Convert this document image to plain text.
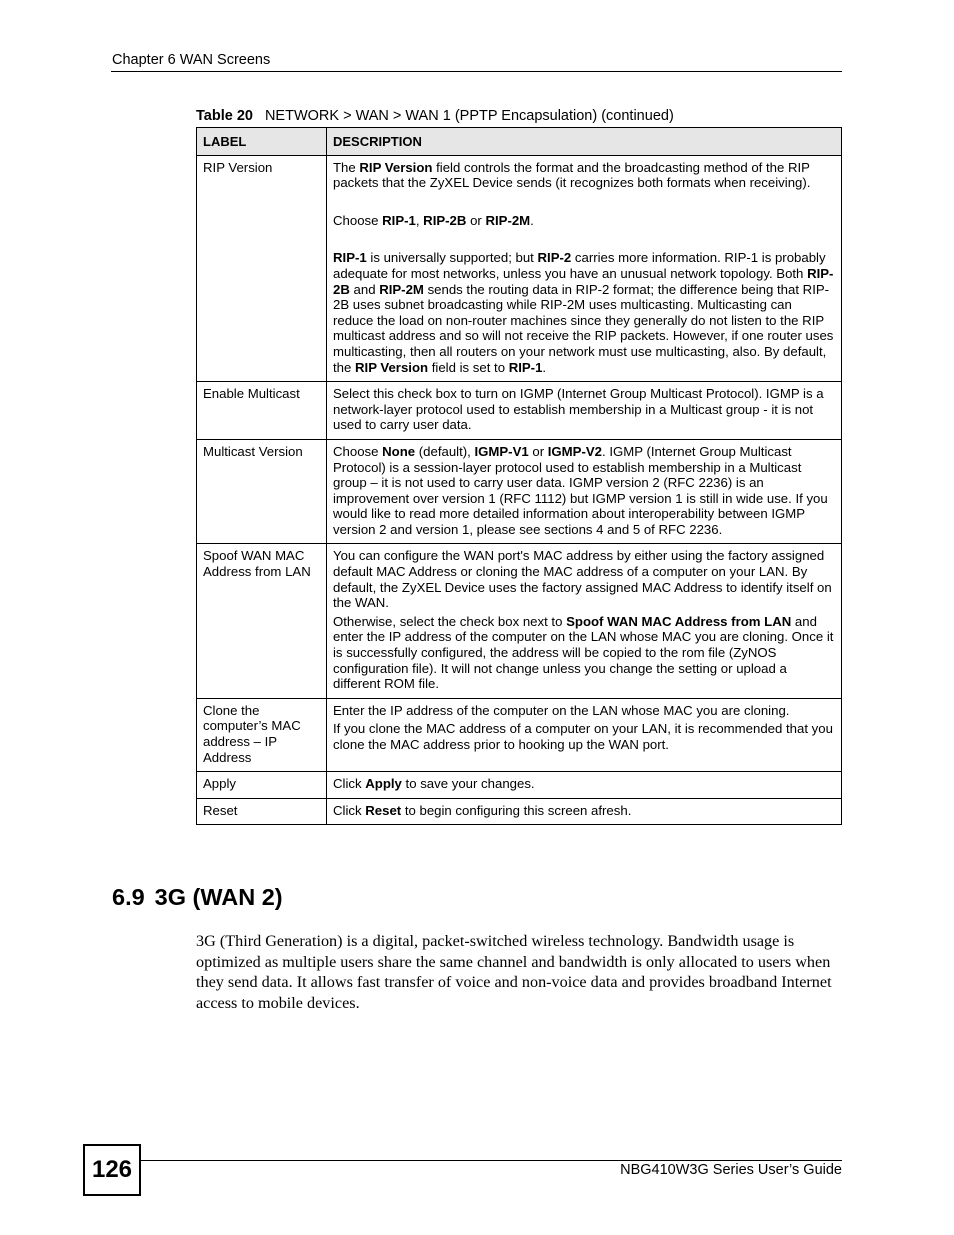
Chapter 6 WAN Screens
Table 20 NETWORK > WAN > WAN 1 (PPTP Encapsulation) (continued)
LABEL	DESCRIPTION
RIP Version	The RIP Version field controls the format and the broadcasting method of the RIP packets that the ZyXEL Device sends (it recognizes both formats when receiving).

Choose RIP-1, RIP-2B or RIP-2M.

RIP-1 is universally supported; but RIP-2 carries more information. RIP-1 is probably adequate for most networks, unless you have an unusual network topology. Both RIP-2B and RIP-2M sends the routing data in RIP-2 format; the difference being that RIP-2B uses subnet broadcasting while RIP-2M uses multicasting. Multicasting can reduce the load on non-router machines since they generally do not listen to the RIP multicast address and so will not receive the RIP packets. However, if one router uses multicasting, then all routers on your network must use multicasting, also. By default, the RIP Version field is set to RIP-1.

Enable Multicast	Select this check box to turn on IGMP (Internet Group Multicast Protocol). IGMP is a network-layer protocol used to establish membership in a Multicast group - it is not used to carry user data.

Multicast Version	Choose None (default), IGMP-V1 or IGMP-V2. IGMP (Internet Group Multicast Protocol) is a session-layer protocol used to establish membership in a Multicast group – it is not used to carry user data. IGMP version 2 (RFC 2236) is an improvement over version 1 (RFC 1112) but IGMP version 1 is still in wide use. If you would like to read more detailed information about interoperability between IGMP version 2 and version 1, please see sections 4 and 5 of RFC 2236.

Spoof WAN MAC Address from LAN	You can configure the WAN port's MAC address by either using the factory assigned default MAC Address or cloning the MAC address of a computer on your LAN. By default, the ZyXEL Device uses the factory assigned MAC Address to identify itself on the WAN.

Otherwise, select the check box next to Spoof WAN MAC Address from LAN and enter the IP address of the computer on the LAN whose MAC you are cloning. Once it is successfully configured, the address will be copied to the rom file (ZyNOS configuration file). It will not change unless you change the setting or upload a different ROM file.

Clone the computer’s MAC address – IP Address	Enter the IP address of the computer on the LAN whose MAC you are cloning.

If you clone the MAC address of a computer on your LAN, it is recommended that you clone the MAC address prior to hooking up the WAN port.

Apply	Click Apply to save your changes.

Reset	Click Reset to begin configuring this screen afresh.

6.9 3G (WAN 2)
3G (Third Generation) is a digital, packet-switched wireless technology. Bandwidth usage is optimized as multiple users share the same channel and bandwidth is only allocated to users when they send data. It allows fast transfer of voice and non-voice data and provides broadband Internet access to mobile devices.
126	NBG410W3G Series User’s Guide
